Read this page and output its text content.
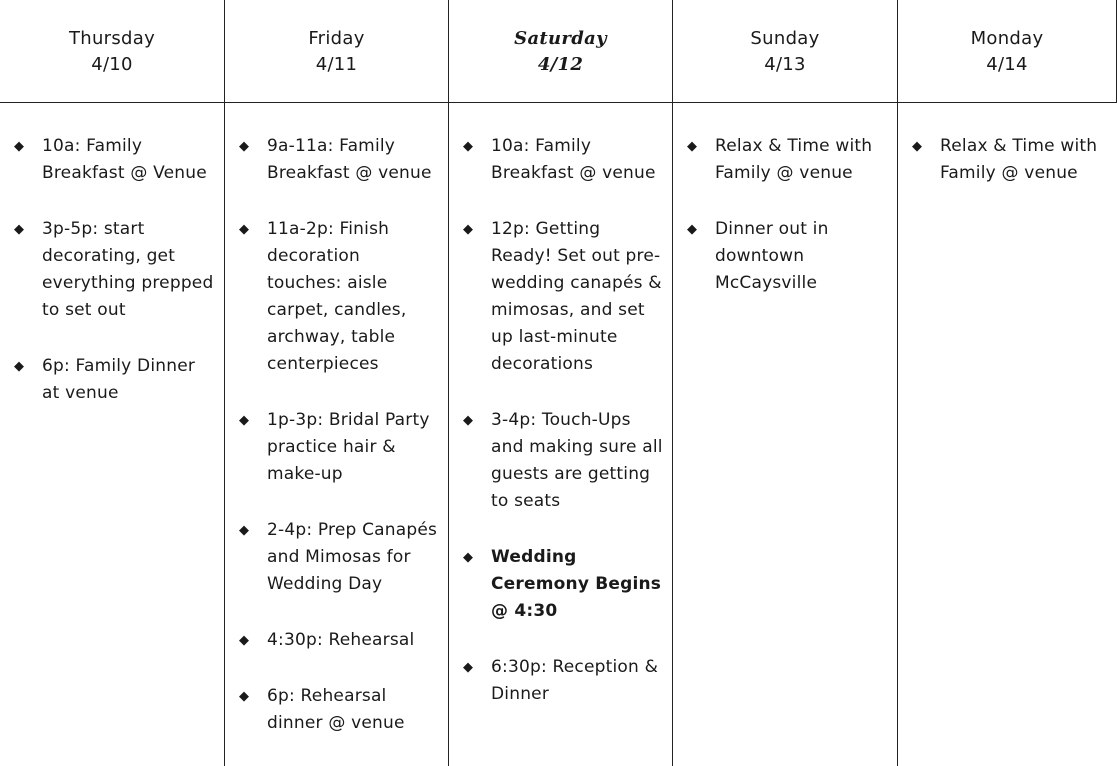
Thursday
4/10
Friday
4/11
Saturday
4/12
Sunday
4/13
Monday
4/14
◆ 10a: Family Breakfast @ Venue
◆ 3p-5p: start decorating, get everything prepped to set out
◆ 6p: Family Dinner at venue
◆ 9a-11a: Family Breakfast @ venue
◆ 11a-2p: Finish decoration touches: aisle carpet, candles, archway, table centerpieces
◆ 1p-3p: Bridal Party practice hair & make-up
◆ 2-4p: Prep Canapés and Mimosas for Wedding Day
◆ 4:30p: Rehearsal
◆ 6p: Rehearsal dinner @ venue
◆ 10a: Family Breakfast @ venue
◆ 12p: Getting Ready! Set out pre-wedding canapés & mimosas, and set up last-minute decorations
◆ 3-4p: Touch-Ups and making sure all guests are getting to seats
◆ Wedding Ceremony Begins @ 4:30
◆ 6:30p: Reception & Dinner
◆ Relax & Time with Family @ venue
◆ Dinner out in downtown McCaysville
◆ Relax & Time with Family @ venue
